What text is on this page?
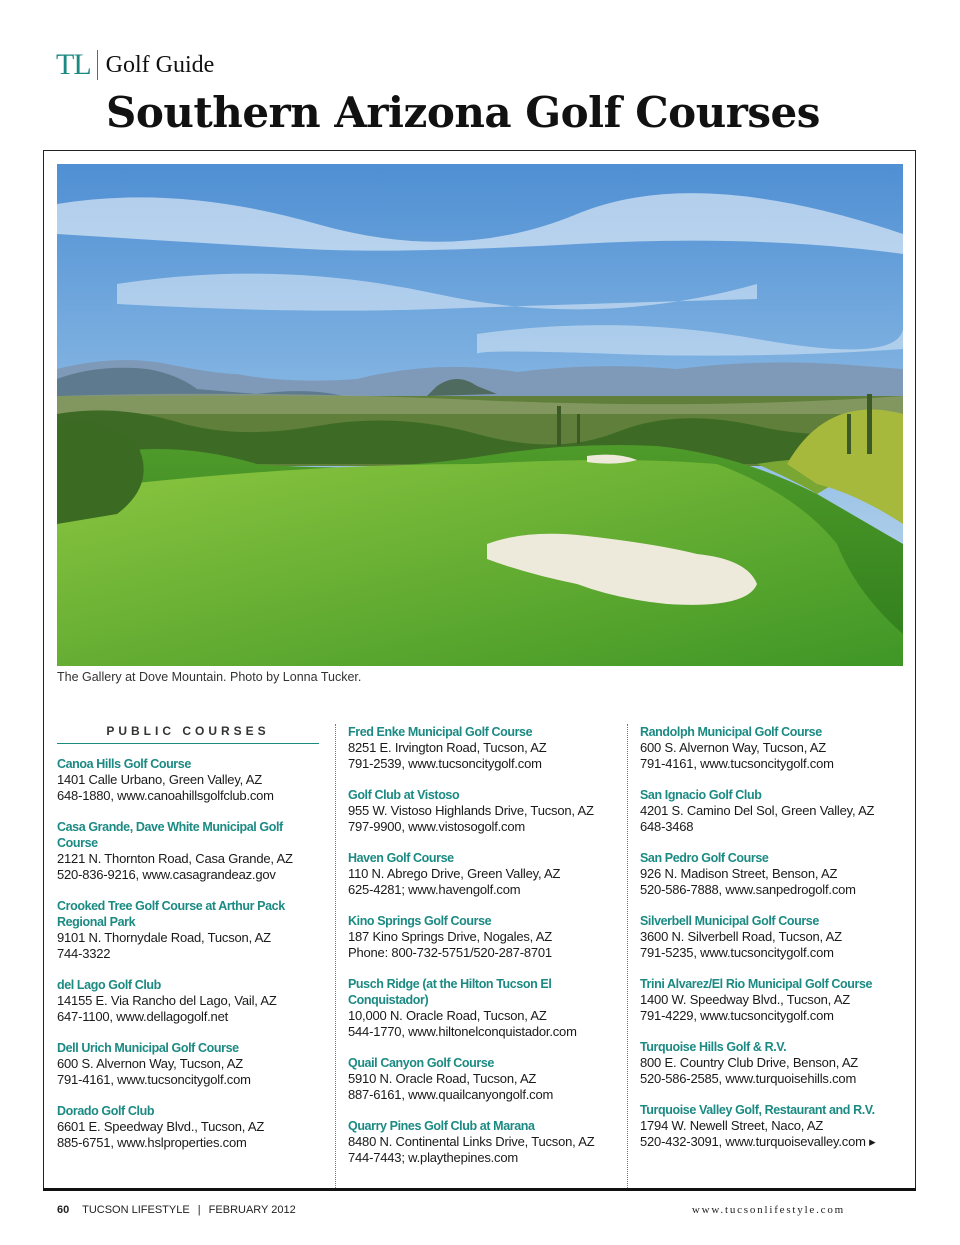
TL Golf Guide
Southern Arizona Golf Courses
The Gallery at Dove Mountain. Photo by Lonna Tucker.
PUBLIC COURSES
Canoa Hills Golf Course
1401 Calle Urbano, Green Valley, AZ
648-1880, www.canoahillsgolfclub.com
Casa Grande, Dave White Municipal Golf Course
2121 N. Thornton Road, Casa Grande, AZ
520-836-9216, www.casagrandeaz.gov
Crooked Tree Golf Course at Arthur Pack
Regional Park
9101 N. Thornydale Road, Tucson, AZ
744-3322
del Lago Golf Club
14155 E. Via Rancho del Lago, Vail, AZ
647-1100, www.dellagogolf.net
Dell Urich Municipal Golf Course
600 S. Alvernon Way, Tucson, AZ
791-4161, www.tucsoncitygolf.com
Dorado Golf Club
6601 E. Speedway Blvd., Tucson, AZ
885-6751, www.hslproperties.com
Fred Enke Municipal Golf Course
8251 E. Irvington Road, Tucson, AZ
791-2539, www.tucsoncitygolf.com
Golf Club at Vistoso
955 W. Vistoso Highlands Drive, Tucson, AZ
797-9900, www.vistosogolf.com
Haven Golf Course
110 N. Abrego Drive, Green Valley, AZ
625-4281; www.havengolf.com
Kino Springs Golf Course
187 Kino Springs Drive, Nogales, AZ
Phone: 800-732-5751/520-287-8701
Pusch Ridge (at the Hilton Tucson El
Conquistador)
10,000 N. Oracle Road, Tucson, AZ
544-1770, www.hiltonelconquistador.com
Quail Canyon Golf Course
5910 N. Oracle Road, Tucson, AZ
887-6161, www.quailcanyongolf.com
Quarry Pines Golf Club at Marana
8480 N. Continental Links Drive, Tucson, AZ
744-7443; w.playthepines.com
Randolph Municipal Golf Course
600 S. Alvernon Way, Tucson, AZ
791-4161, www.tucsoncitygolf.com
San Ignacio Golf Club
4201 S. Camino Del Sol, Green Valley, AZ
648-3468
San Pedro Golf Course
926 N. Madison Street, Benson, AZ
520-586-7888, www.sanpedrogolf.com
Silverbell Municipal Golf Course
3600 N. Silverbell Road, Tucson, AZ
791-5235, www.tucsoncitygolf.com
Trini Alvarez/El Rio Municipal Golf Course
1400 W. Speedway Blvd., Tucson, AZ
791-4229, www.tucsoncitygolf.com
Turquoise Hills Golf & R.V.
800 E. Country Club Drive, Benson, AZ
520-586-2585, www.turquoisehills.com
Turquoise Valley Golf, Restaurant and R.V.
1794 W. Newell Street, Naco, AZ
520-432-3091, www.turquoisevalley.com ▸
60 TUCSON LIFESTYLE | FEBRUARY 2012	www.tucsonlifestyle.com
